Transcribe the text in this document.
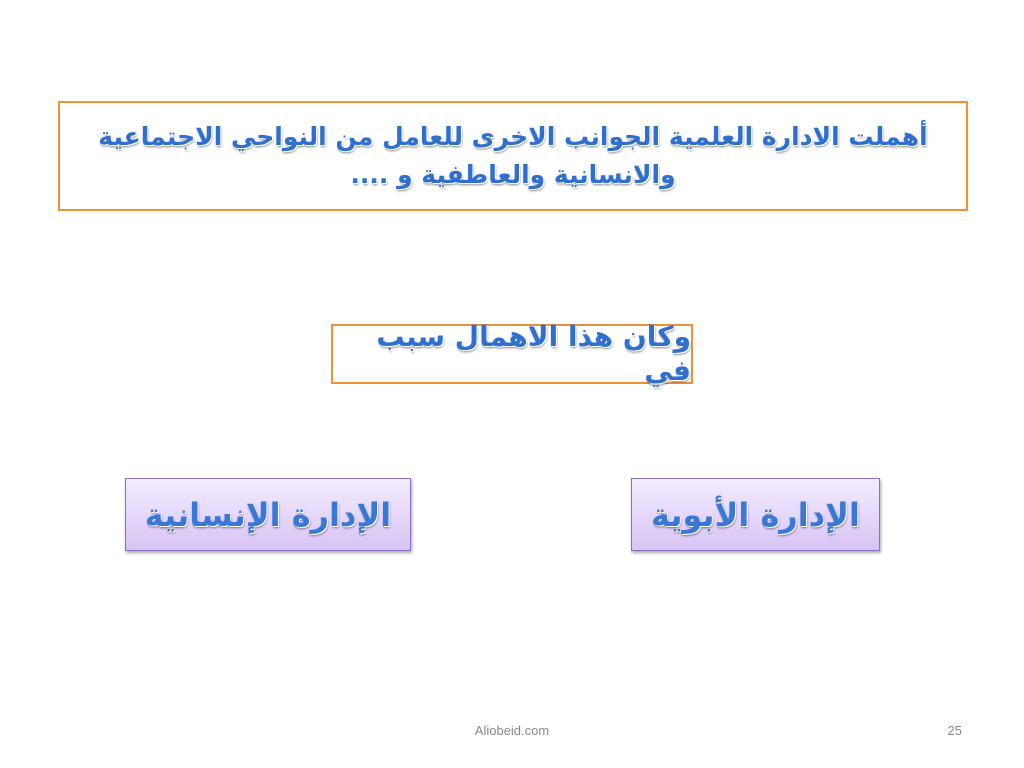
أهملت الادارة العلمية الجوانب الاخرى للعامل من النواحي الاجتماعية
والانسانية والعاطفية و ....
وكان هذا الاهمال سبب في
الإدارة الإنسانية	الإدارة الأبوية
Aliobeid.com	25
